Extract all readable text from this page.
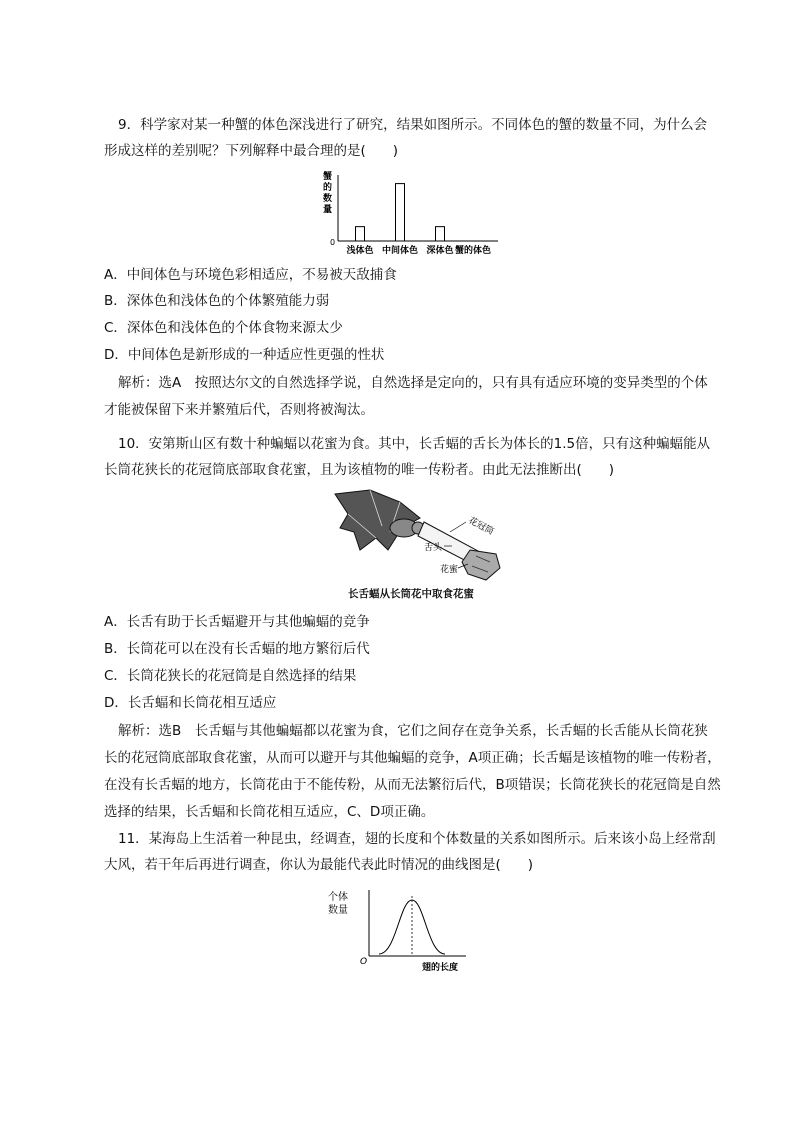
9．科学家对某一种蟹的体色深浅进行了研究，结果如图所示。不同体色的蟹的数量不同，为什么会
形成这样的差别呢？下列解释中最合理的是(　　)
蟹
的
数
量
0
浅体色 中间体色 深体色 蟹的体色
A．中间体色与环境色彩相适应，不易被天敌捕食
B．深体色和浅体色的个体繁殖能力弱
C．深体色和浅体色的个体食物来源太少
D．中间体色是新形成的一种适应性更强的性状
解析：选A　按照达尔文的自然选择学说，自然选择是定向的，只有具有适应环境的变异类型的个体
才能被保留下来并繁殖后代，否则将被淘汰。
10．安第斯山区有数十种蝙蝠以花蜜为食。其中，长舌蝠的舌长为体长的1.5倍，只有这种蝙蝠能从
长筒花狭长的花冠筒底部取食花蜜，且为该植物的唯一传粉者。由此无法推断出(　　)
花冠筒
舌头
花蜜
长舌蝠从长筒花中取食花蜜
A．长舌有助于长舌蝠避开与其他蝙蝠的竞争
B．长筒花可以在没有长舌蝠的地方繁衍后代
C．长筒花狭长的花冠筒是自然选择的结果
D．长舌蝠和长筒花相互适应
解析：选B　长舌蝠与其他蝙蝠都以花蜜为食，它们之间存在竞争关系，长舌蝠的长舌能从长筒花狭
长的花冠筒底部取食花蜜，从而可以避开与其他蝙蝠的竞争，A项正确；长舌蝠是该植物的唯一传粉者，
在没有长舌蝠的地方，长筒花由于不能传粉，从而无法繁衍后代，B项错误；长筒花狭长的花冠筒是自然
选择的结果，长舌蝠和长筒花相互适应，C、D项正确。
11．某海岛上生活着一种昆虫，经调查，翅的长度和个体数量的关系如图所示。后来该小岛上经常刮
大风，若干年后再进行调查，你认为最能代表此时情况的曲线图是(　　)
个体
数量
O
翅的长度
